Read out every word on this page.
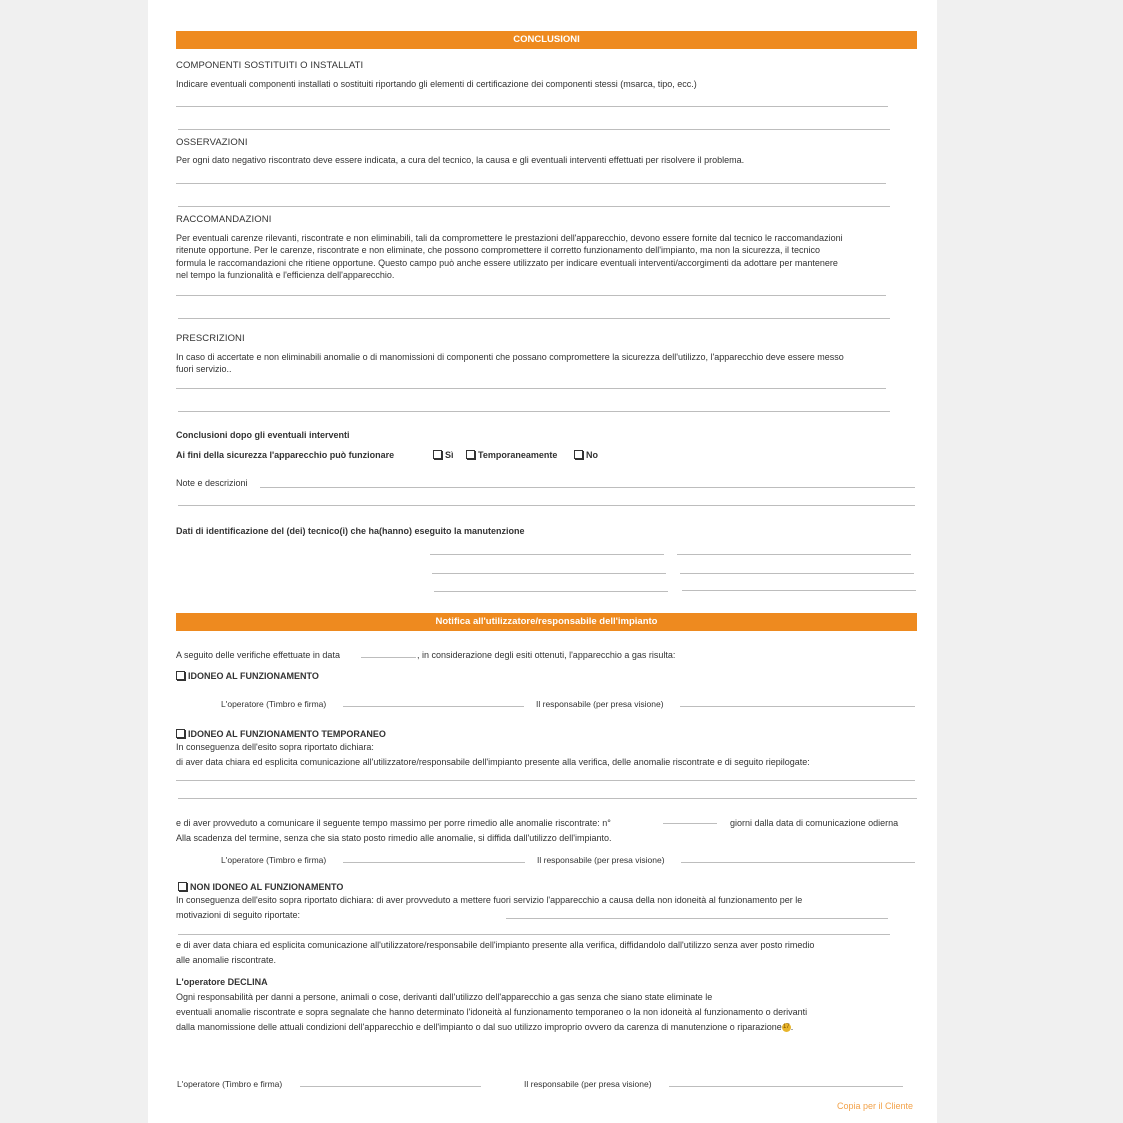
CONCLUSIONI
COMPONENTI SOSTITUITI O INSTALLATI
Indicare eventuali componenti installati o sostituiti riportando gli elementi di certificazione dei componenti stessi (msarca, tipo, ecc.)
OSSERVAZIONI
Per ogni dato negativo riscontrato deve essere indicata, a cura del tecnico, la causa e gli eventuali interventi effettuati per risolvere il problema.
RACCOMANDAZIONI
Per eventuali carenze rilevanti, riscontrate e non eliminabili, tali da compromettere le prestazioni dell'apparecchio, devono essere fornite dal tecnico le raccomandazioni
ritenute opportune. Per le carenze, riscontrate e non eliminate, che possono compromettere il corretto funzionamento dell'impianto, ma non la sicurezza, il tecnico
formula le raccomandazioni che ritiene opportune. Questo campo può anche essere utilizzato per indicare eventuali interventi/accorgimenti da adottare per mantenere
nel tempo la funzionalità e l'efficienza dell'apparecchio.
PRESCRIZIONI
In caso di accertate e non eliminabili anomalie o di manomissioni di componenti che possano compromettere la sicurezza dell'utilizzo, l'apparecchio deve essere messo
fuori servizio..
Conclusioni dopo gli eventuali interventi
Ai fini della sicurezza l'apparecchio può funzionare	Sì	Temporaneamente	No
Note e descrizioni
Dati di identificazione del (dei) tecnico(i) che ha(hanno) eseguito la manutenzione
Notifica all'utilizzatore/responsabile dell'impianto
A seguito delle verifiche effettuate in data	, in considerazione degli esiti ottenuti, l'apparecchio a gas risulta:
IDONEO AL FUNZIONAMENTO
L'operatore (Timbro e firma)	Il responsabile (per presa visione)
IDONEO AL FUNZIONAMENTO TEMPORANEO
In conseguenza dell'esito sopra riportato dichiara:
di aver data chiara ed esplicita comunicazione all'utilizzatore/responsabile dell'impianto presente alla verifica, delle anomalie riscontrate e di seguito riepilogate:
e di aver provveduto a comunicare il seguente tempo massimo per porre rimedio alle anomalie riscontrate: n°	giorni dalla data di comunicazione odierna
Alla scadenza del termine, senza che sia stato posto rimedio alle anomalie, si diffida dall'utilizzo dell'impianto.
L'operatore (Timbro e firma)	Il responsabile (per presa visione)
NON IDONEO AL FUNZIONAMENTO
In conseguenza dell'esito sopra riportato dichiara: di aver provveduto a mettere fuori servizio l'apparecchio a causa della non idoneità al funzionamento per le
motivazioni di seguito riportate:
e di aver data chiara ed esplicita comunicazione all'utilizzatore/responsabile dell'impianto presente alla verifica, diffidandolo dall'utilizzo senza aver posto rimedio
alle anomalie riscontrate.
L'operatore DECLINA
Ogni responsabilità per danni a persone, animali o cose, derivanti dall'utilizzo dell'apparecchio a gas senza che siano state eliminate le
eventuali anomalie riscontrate e sopra segnalate che hanno determinato l'idoneità al funzionamento temporaneo o la non idoneità al funzionamento o derivanti
dalla manomissione delle attuali condizioni dell'apparecchio e dell'impianto o dal suo utilizzo improprio ovvero da carenza di manutenzione o riparazione17.
L'operatore (Timbro e firma)	Il responsabile (per presa visione)
Copia per il Cliente
